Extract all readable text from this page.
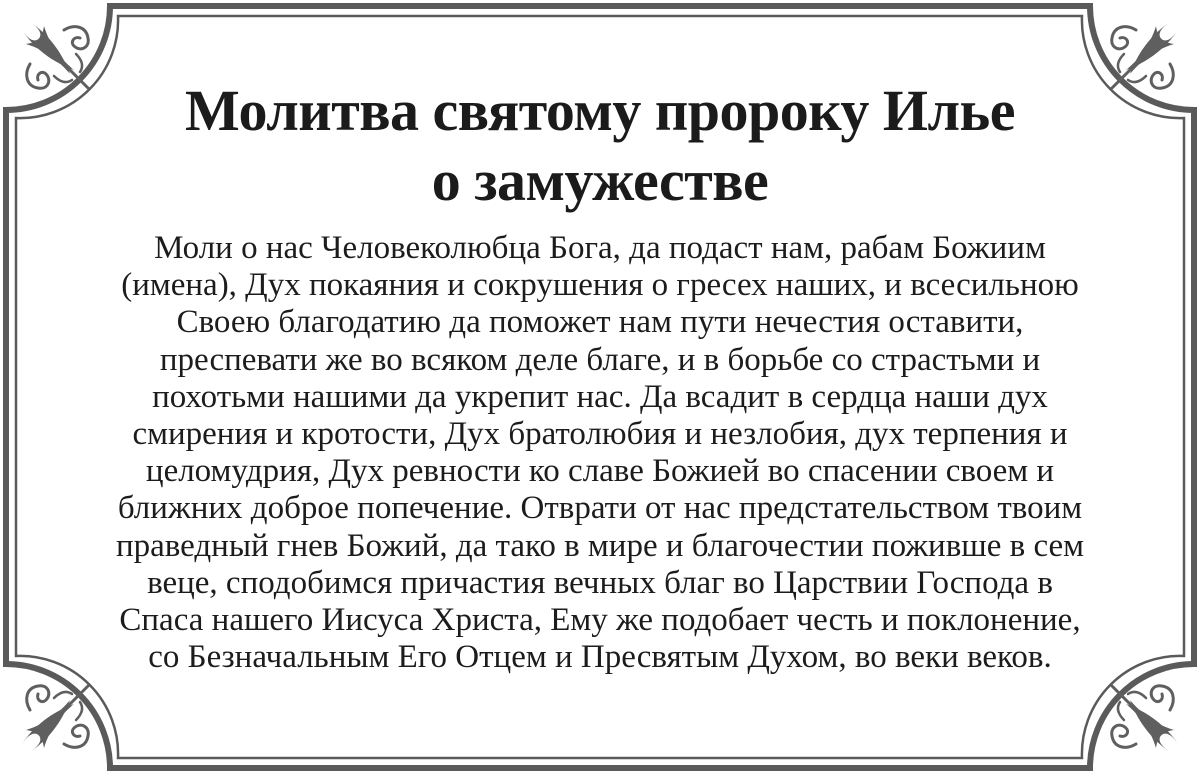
Молитва святому пророку Илье
о замужестве
Моли о нас Человеколюбца Бога, да подаст нам, рабам Божиим
(имена), Дух покаяния и сокрушения о гресех наших, и всесильною
Своею благодатию да поможет нам пути нечестия оставити,
преспевати же во всяком деле благе, и в борьбе со страстьми и
похотьми нашими да укрепит нас. Да всадит в сердца наши дух
смирения и кротости, Дух братолюбия и незлобия, дух терпения и
целомудрия, Дух ревности ко славе Божией во спасении своем и
ближних доброе попечение. Отврати от нас предстательством твоим
праведный гнев Божий, да тако в мире и благочестии поживше в сем
веце, сподобимся причастия вечных благ во Царствии Господа в
Спаса нашего Иисуса Христа, Ему же подобает честь и поклонение,
со Безначальным Его Отцем и Пресвятым Духом, во веки веков.
